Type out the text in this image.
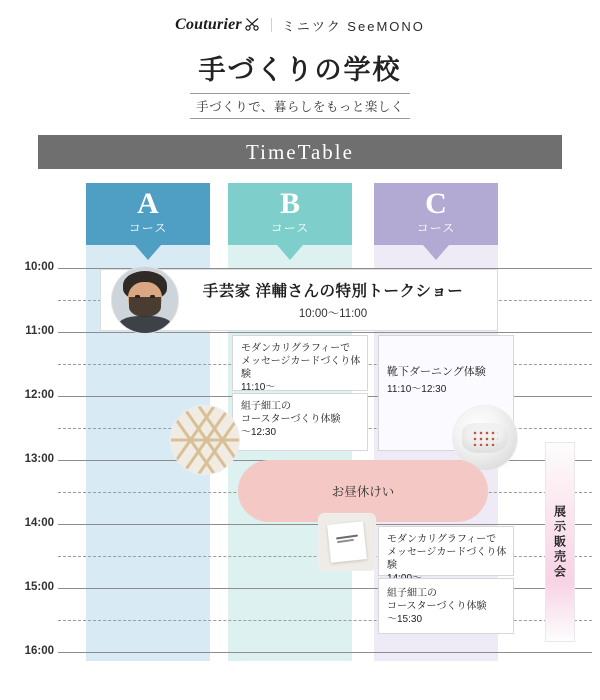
Couturier	ミニツク SeeMONO
手づくりの学校
手づくりで、暮らしをもっと楽しく
TimeTable
A
コース
B
コース
C
コース
10:00
11:00
12:00
13:00
14:00
15:00
16:00
手芸家 洋輔さんの特別トークショー
10:00〜11:00
モダンカリグラフィーで
メッセージカードづくり体験
11:10〜
組子細工の
コースターづくり体験
〜12:30
靴下ダーニング体験
11:10〜12:30
お昼休けい
モダンカリグラフィーで
メッセージカードづくり体験
組子細工の
コースターづくり体験
〜15:30
展示販売会
